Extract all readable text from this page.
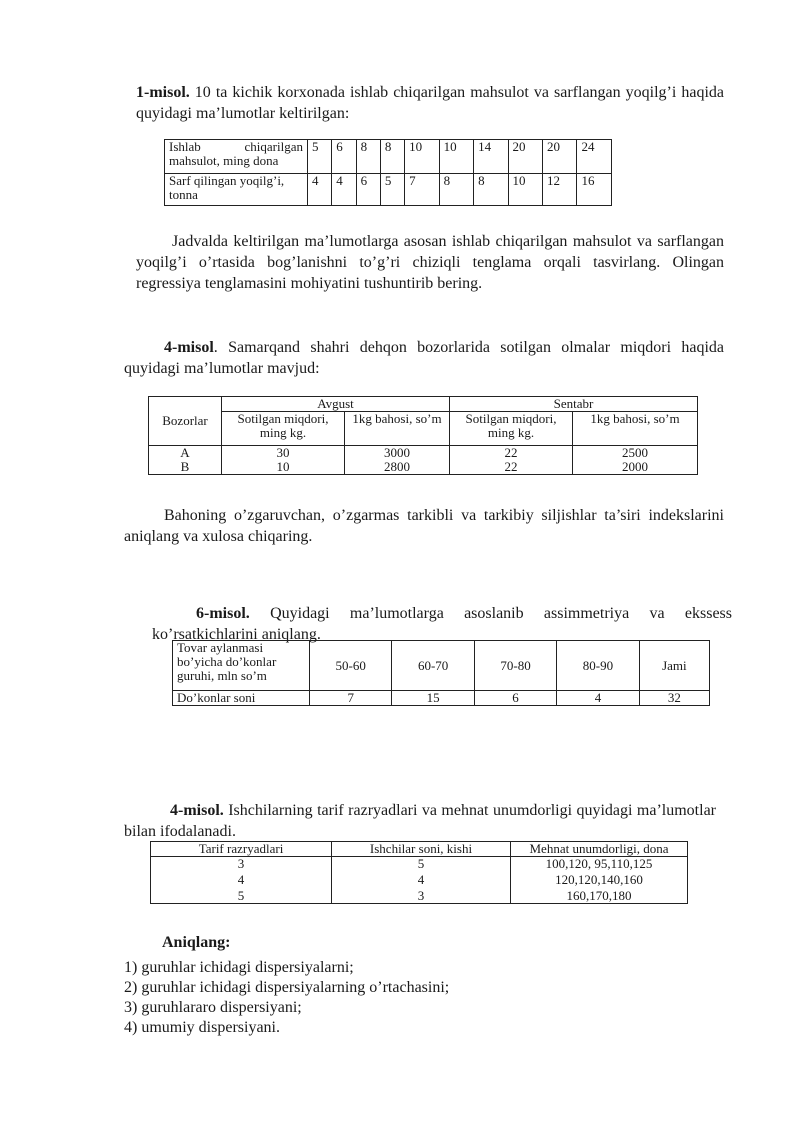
1-misol. 10 ta kichik korxonada ishlab chiqarilgan mahsulot va sarflangan yoqilg’i haqida quyidagi ma’lumotlar keltirilgan:

Ishlab chiqarilgan mahsulot, ming dona	5	6	8	8	10	10	14	20	20	24
Sarf qilingan yoqilg’i, tonna	4	4	6	5	7	8	8	10	12	16

Jadvalda keltirilgan ma’lumotlarga asosan ishlab chiqarilgan mahsulot va sarflangan yoqilg’i o’rtasida bog’lanishni to’g’ri chiziqli tenglama orqali tasvirlang. Olingan regressiya tenglamasini mohiyatini tushuntirib bering.

4-misol. Samarqand shahri dehqon bozorlarida sotilgan olmalar miqdori haqida quyidagi ma’lumotlar mavjud:

Bozorlar	Avgust		Sentabr	
	Sotilgan miqdori, ming kg.	1kg bahosi, so’m	Sotilgan miqdori, ming kg.	1kg bahosi, so’m
A	30	3000	22	2500
B	10	2800	22	2000

Bahoning o’zgaruvchan, o’zgarmas tarkibli va tarkibiy siljishlar ta’siri indekslarini aniqlang va xulosa chiqaring.

6-misol. Quyidagi ma’lumotlarga asoslanib assimmetriya va ekssess ko’rsatkichlarini aniqlang.

Tovar aylanmasi bo’yicha do’konlar guruhi, mln so’m	50-60	60-70	70-80	80-90	Jami
Do’konlar soni	7	15	6	4	32

4-misol. Ishchilarning tarif razryadlari va mehnat unumdorligi quyidagi ma’lumotlar bilan ifodalanadi.

Tarif razryadlari	Ishchilar soni, kishi	Mehnat unumdorligi, dona
3	5	100,120, 95,110,125
4	4	120,120,140,160
5	3	160,170,180

Aniqlang:

1) guruhlar ichidagi dispersiyalarni;
2) guruhlar ichidagi dispersiyalarning o’rtachasini;
3) guruhlararo dispersiyani;
4) umumiy dispersiyani.
